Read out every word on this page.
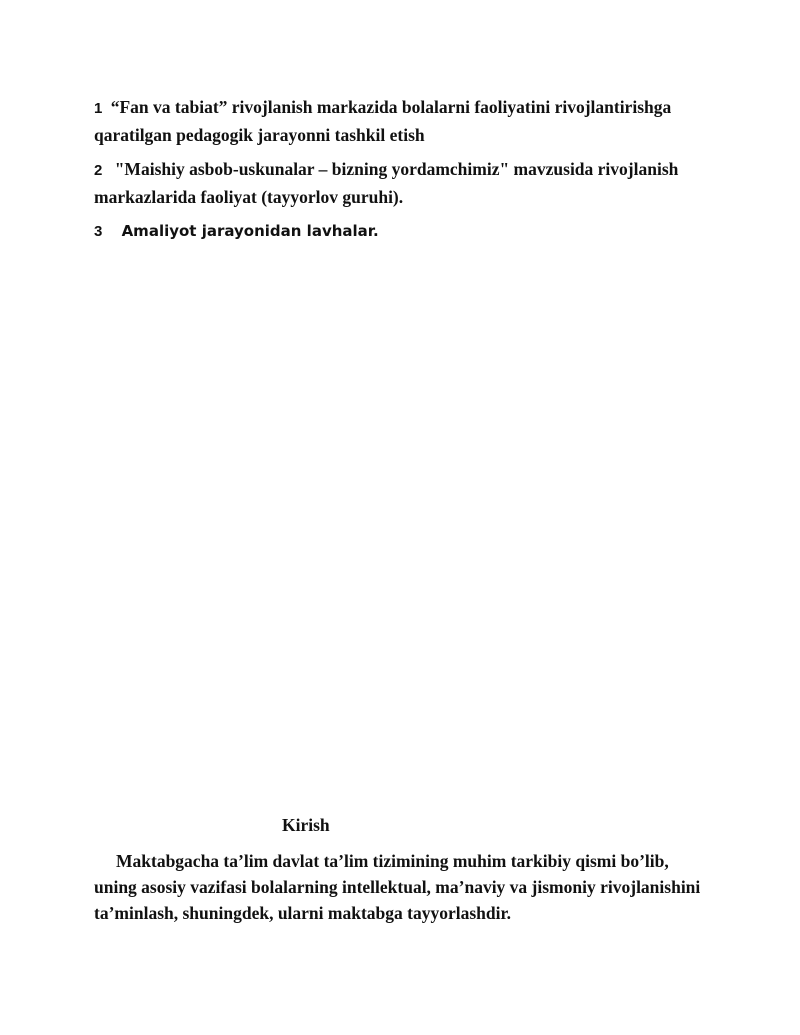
1 “Fan va tabiat” rivojlanish markazida bolalarni faoliyatini rivojlantirishga qaratilgan pedagogik jarayonni tashkil etish
2 "Maishiy asbob-uskunalar – bizning yordamchimiz" mavzusida rivojlanish markazlarida faoliyat (tayyorlov guruhi).
3 Amaliyot jarayonidan lavhalar.
Kirish

Maktabgacha ta’lim davlat ta’lim tizimining muhim tarkibiy qismi bo’lib, uning asosiy vazifasi bolalarning intellektual, ma’naviy va jismoniy rivojlanishini ta’minlash, shuningdek, ularni maktabga tayyorlashdir.
